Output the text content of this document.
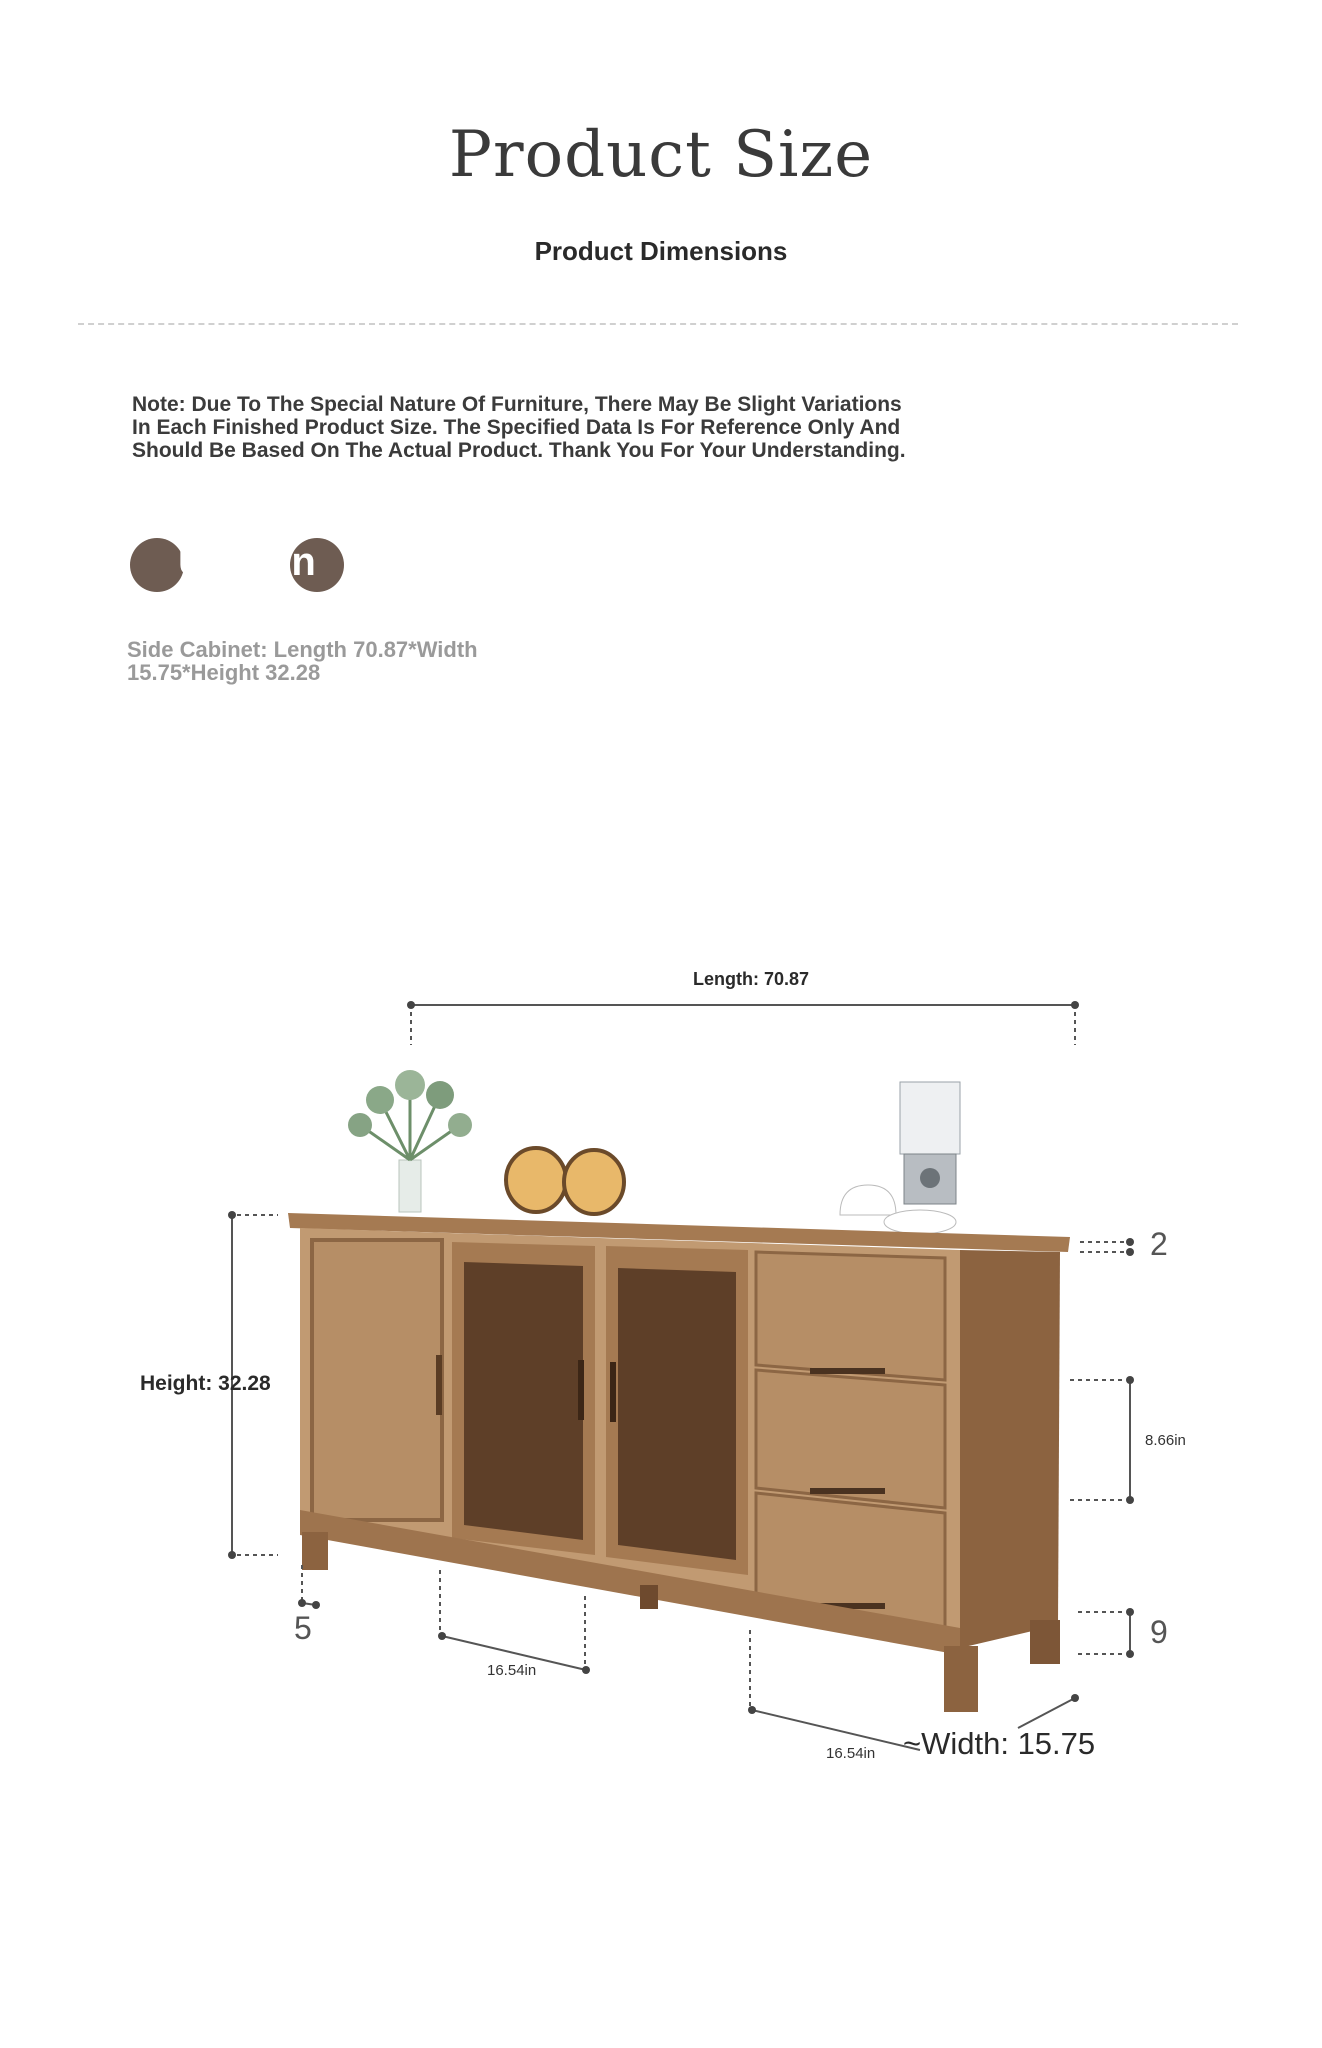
Product Size
Product Dimensions
Note: Due To The Special Nature Of Furniture, There May Be Slight Variations In Each Finished Product Size. The Specified Data Is For Reference Only And Should Be Based On The Actual Product. Thank You For Your Understanding.
Unit: in
Side Cabinet: Length 70.87*Width 15.75*Height 32.28
Length: 70.87
Height: 32.28
2
8.66in
9
5
16.54in
16.54in ~Width: 15.75
